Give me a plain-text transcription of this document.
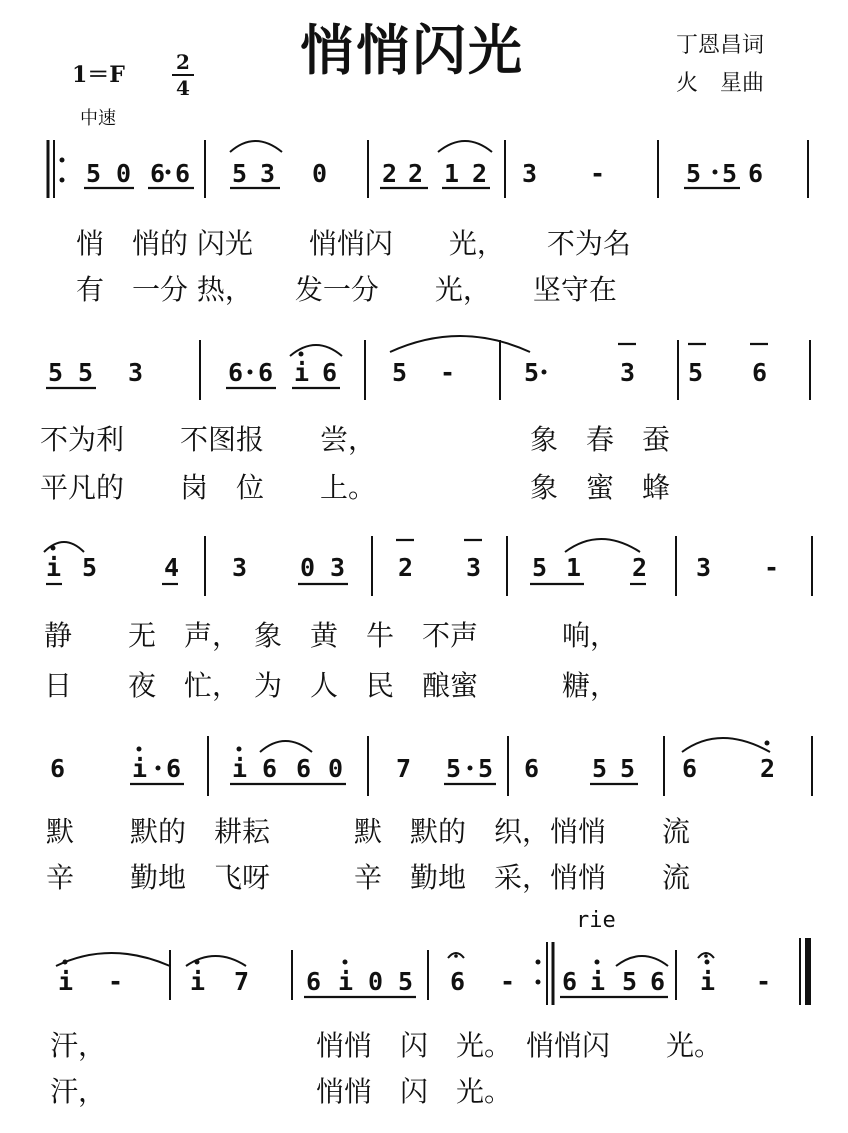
悄悄闪光	丁恩昌词
火　星曲
1＝F	2
4
中速
5 0 6 6 5 3 0 2 2 1 2 3 -	5 5 6
5 5 3	6 6 i 6 5 -	5	3 5 6
i 5	4 3 0 3 2 3 5 1 2 3 -
6	i 6 i 6 6 0 7 5 5 6 5 5 6	2
i -	i 7 6 i 0 5 6 - 6 i 5 6 i -
rie
悄　悄的 闪光　　悄悄闪　　光，　　不为名
有　一分 热，　　发一分　　光，　　坚守在
不为利　　不图报　　尝，　　　　　　象　春　蚕
平凡的　　岗　位　　上。　　　　　　象　蜜　蜂
静　　无　声，　象　黄　牛　不声　　　响，
日　　夜　忙，　为　人　民　酿蜜　　　糖，
默　　默的　耕耘　　　默　默的　织，悄悄　　流
辛　　勤地　飞呀　　　辛　勤地　采，悄悄　　流
汗，　　　　　　　　悄悄　闪　光。　悄悄闪　　光。
汗，　　　　　　　　悄悄　闪　光。
